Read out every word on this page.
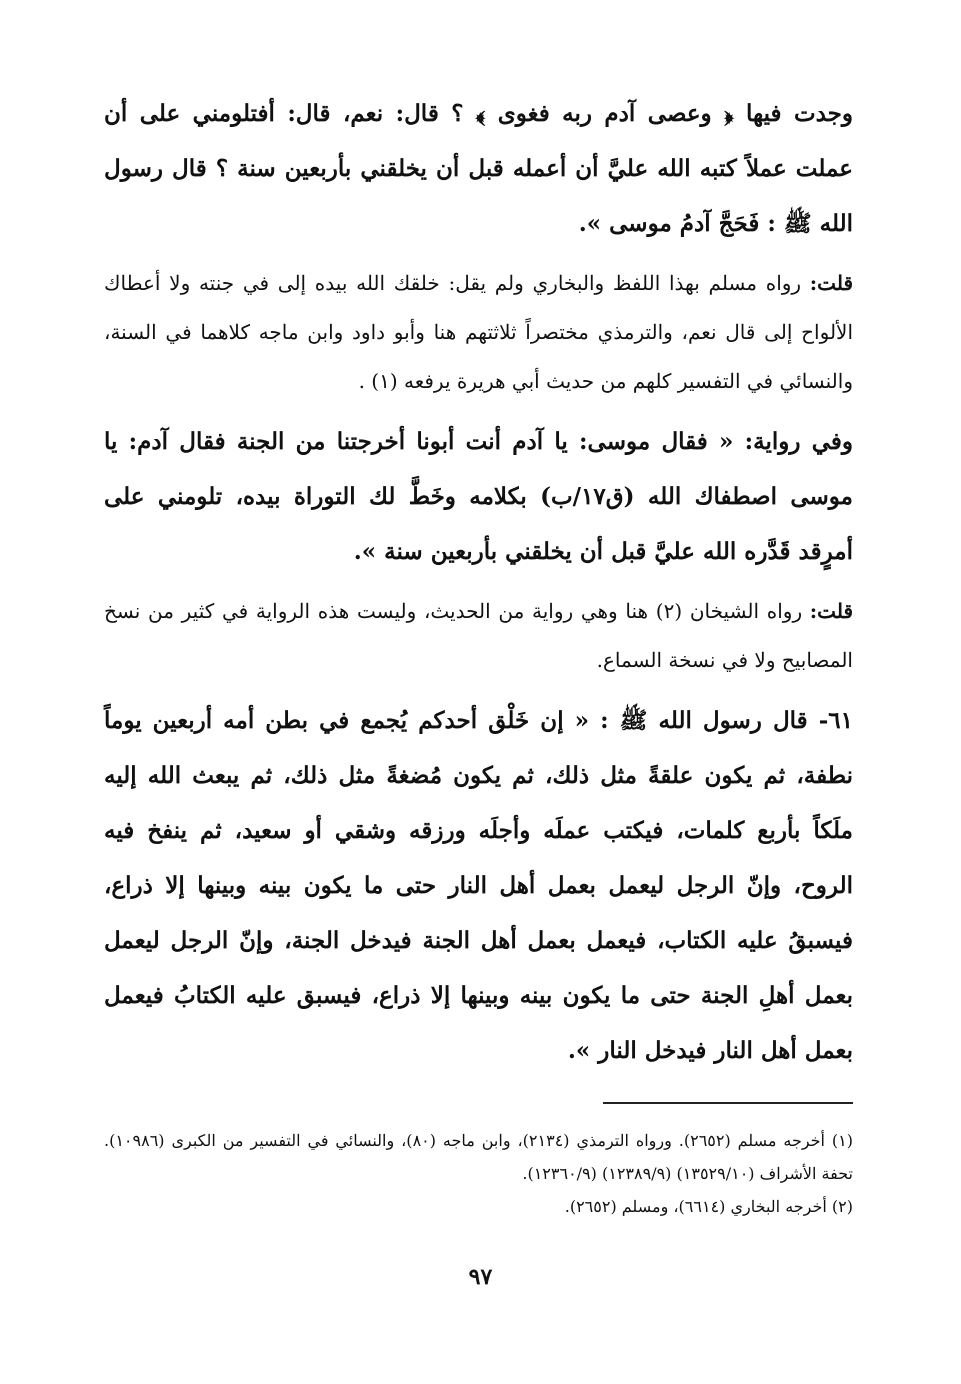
وجدت فيها ﴿ وعصى آدم ربه فغوى ﴾ ؟ قال: نعم، قال: أفتلومني على أن عملت عملاً كتبه الله عليَّ أن أعمله قبل أن يخلقني بأربعين سنة ؟ قال رسول الله ﷺ : فَحَجَّ آدمُ موسى ».

قلت: رواه مسلم بهذا اللفظ والبخاري ولم يقل: خلقك الله بيده إلى في جنته ولا أعطاك الألواح إلى قال نعم، والترمذي مختصراً ثلاثتهم هنا وأبو داود وابن ماجه كلاهما في السنة، والنسائي في التفسير كلهم من حديث أبي هريرة يرفعه (١) .

وفي رواية: « فقال موسى: يا آدم أنت أبونا أخرجتنا من الجنة فقال آدم: يا موسى اصطفاك الله (ق١٧/ب) بكلامه وخَطَّ لك التوراة بيده، تلومني على أمرٍقد قَدَّره الله عليَّ قبل أن يخلقني بأربعين سنة ».

قلت: رواه الشيخان (٢) هنا وهي رواية من الحديث، وليست هذه الرواية في كثير من نسخ المصابيح ولا في نسخة السماع.

٦١- قال رسول الله ﷺ : « إن خَلْق أحدكم يُجمع في بطن أمه أربعين يوماً نطفة، ثم يكون علقةً مثل ذلك، ثم يكون مُضغةً مثل ذلك، ثم يبعث الله إليه ملَكاً بأربع كلمات، فيكتب عملَه وأجلَه ورزقه وشقي أو سعيد، ثم ينفخ فيه الروح، وإنّ الرجل ليعمل بعمل أهل النار حتى ما يكون بينه وبينها إلا ذراع، فيسبقُ عليه الكتاب، فيعمل بعمل أهل الجنة فيدخل الجنة، وإنّ الرجل ليعمل بعمل أهلِ الجنة حتى ما يكون بينه وبينها إلا ذراع، فيسبق عليه الكتابُ فيعمل بعمل أهل النار فيدخل النار ».

(١) أخرجه مسلم (٢٦٥٢). ورواه الترمذي (٢١٣٤)، وابن ماجه (٨٠)، والنسائي في التفسير من الكبرى (١٠٩٨٦). تحفة الأشراف (١٣٥٢٩/١٠) (١٢٣٨٩/٩) (١٢٣٦٠/٩).

(٢) أخرجه البخاري (٦٦١٤)، ومسلم (٢٦٥٢).

٩٧
